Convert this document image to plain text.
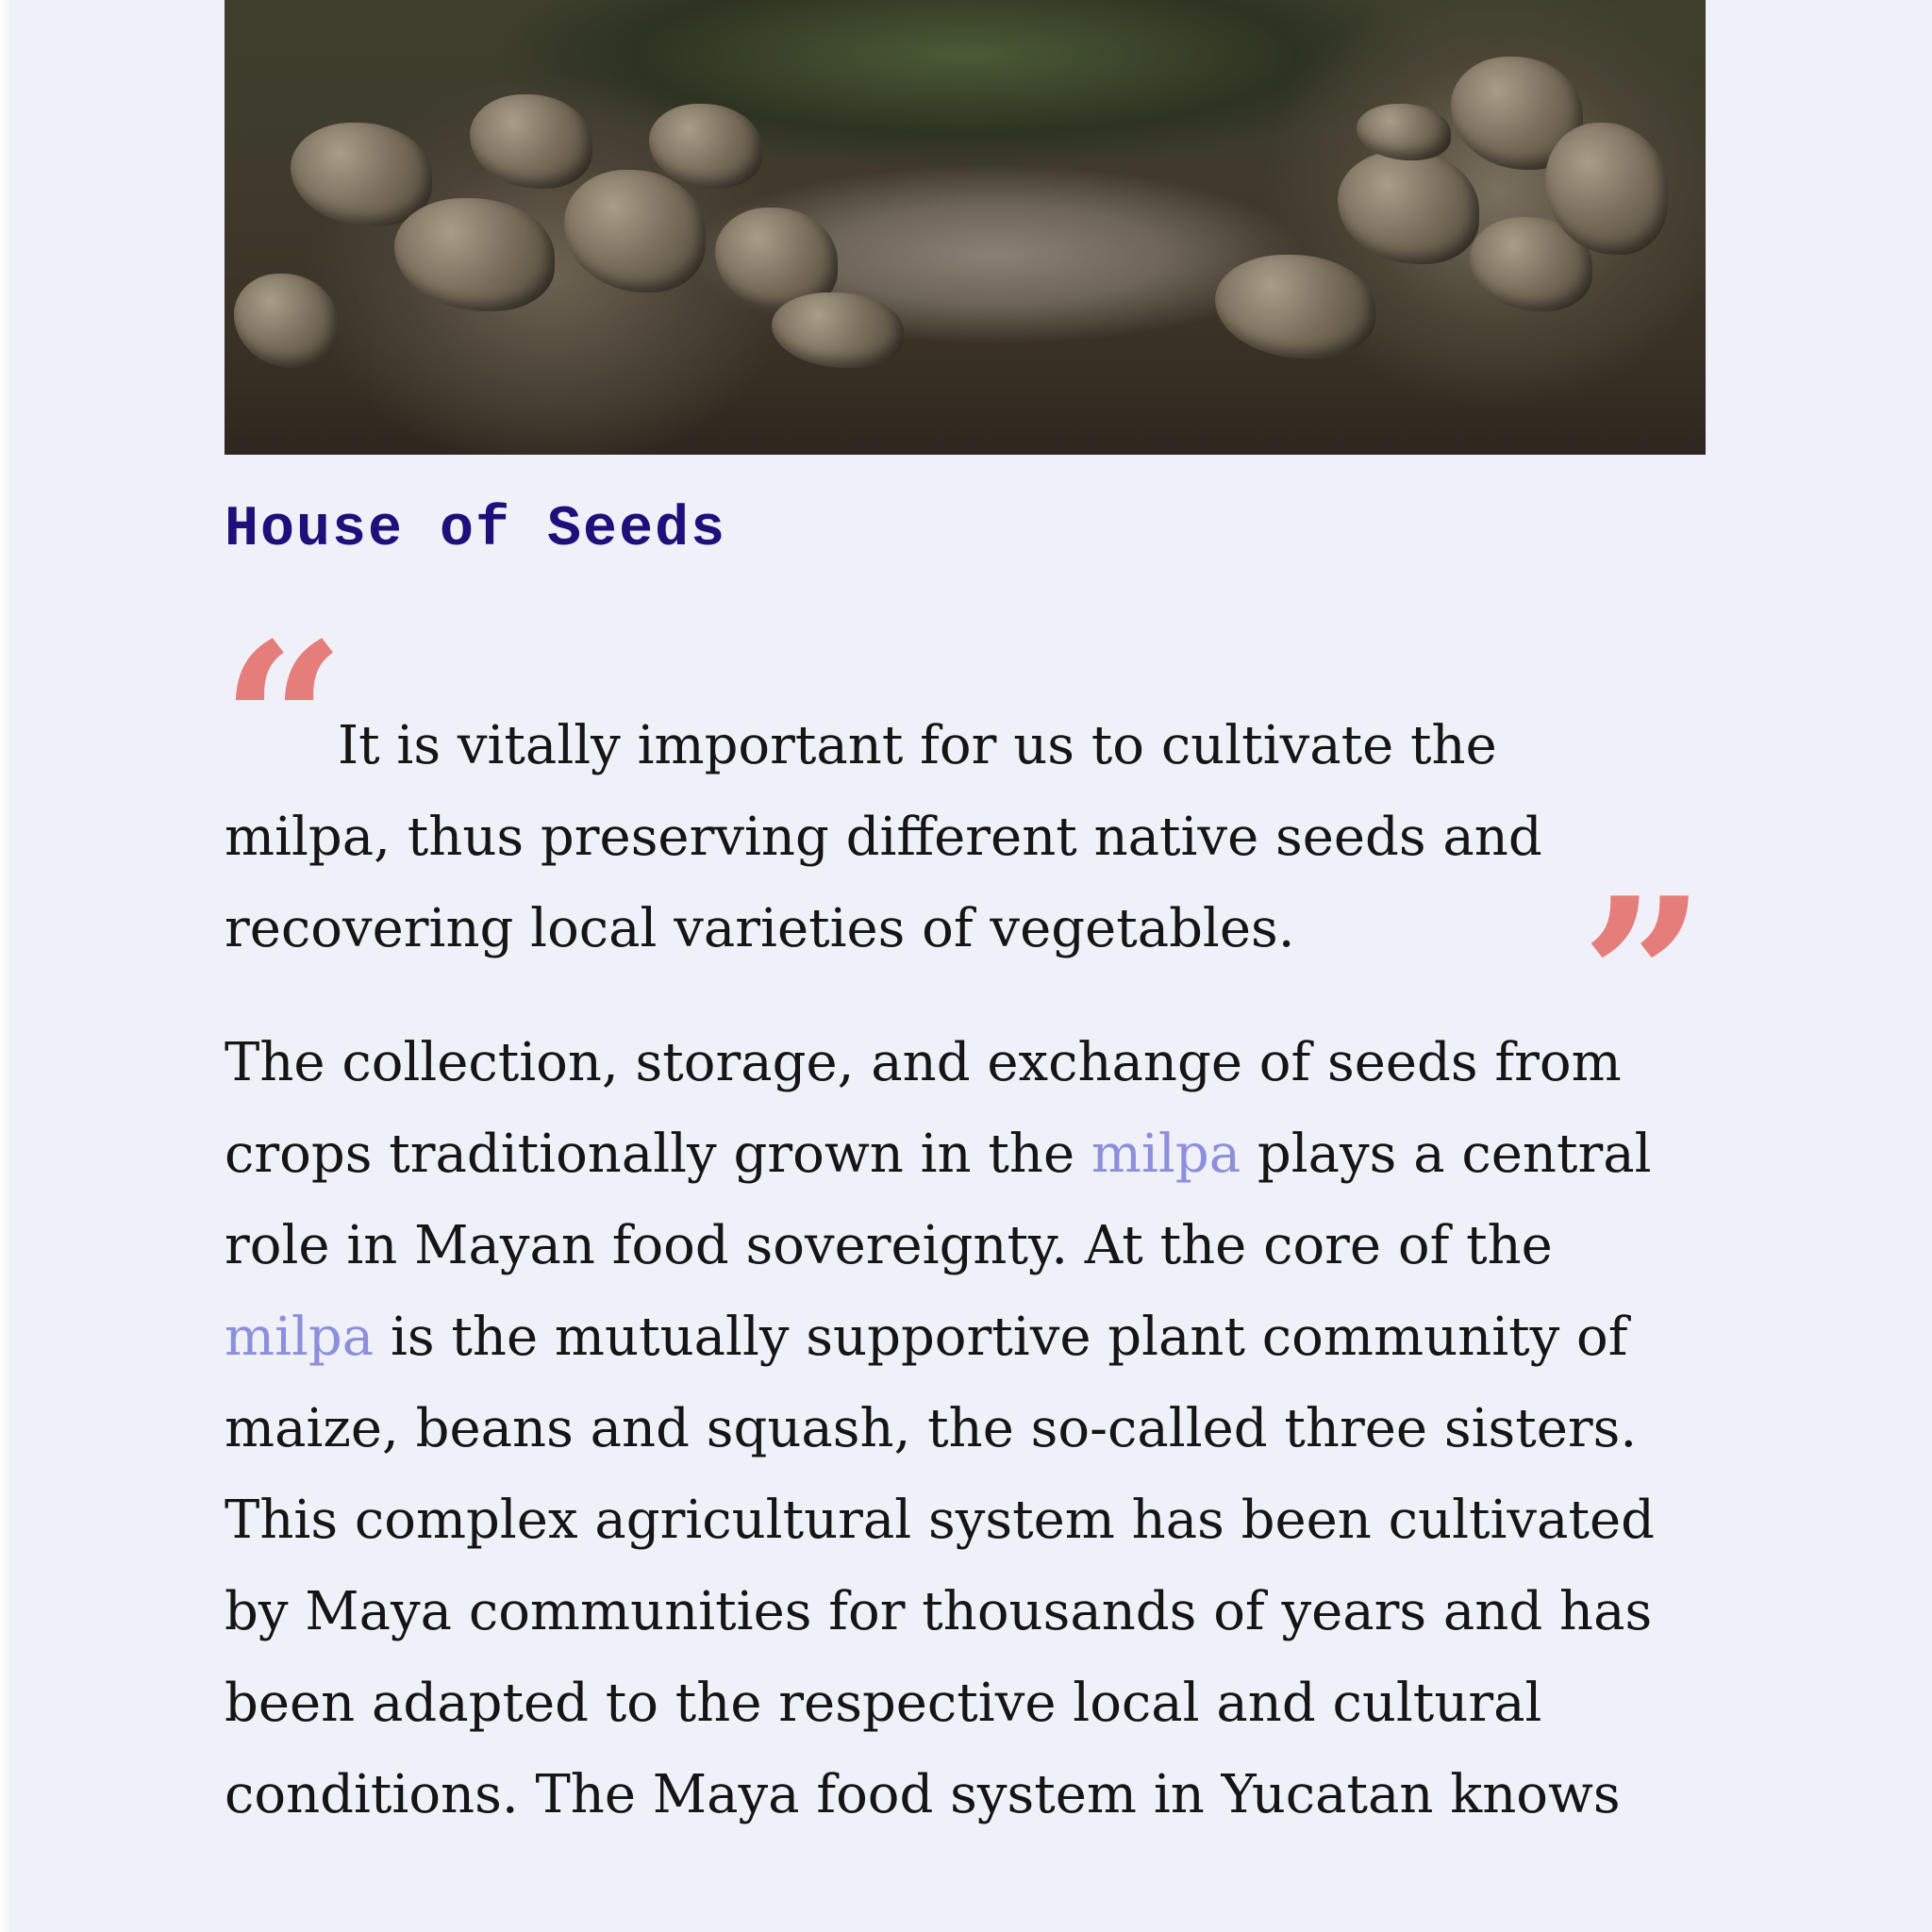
House of Seeds
“

It is vitally important for us to cultivate the milpa, thus preserving different native seeds and recovering local varieties of vegetables.	”

The collection, storage, and exchange of seeds from crops traditionally grown in the milpa plays a central role in Mayan food sovereignty. At the core of the milpa is the mutually supportive plant community of maize, beans and squash, the so-called three sisters. This complex agricultural system has been cultivated by Maya communities for thousands of years and has been adapted to the respective local and cultural conditions. The Maya food system in Yucatan knows
